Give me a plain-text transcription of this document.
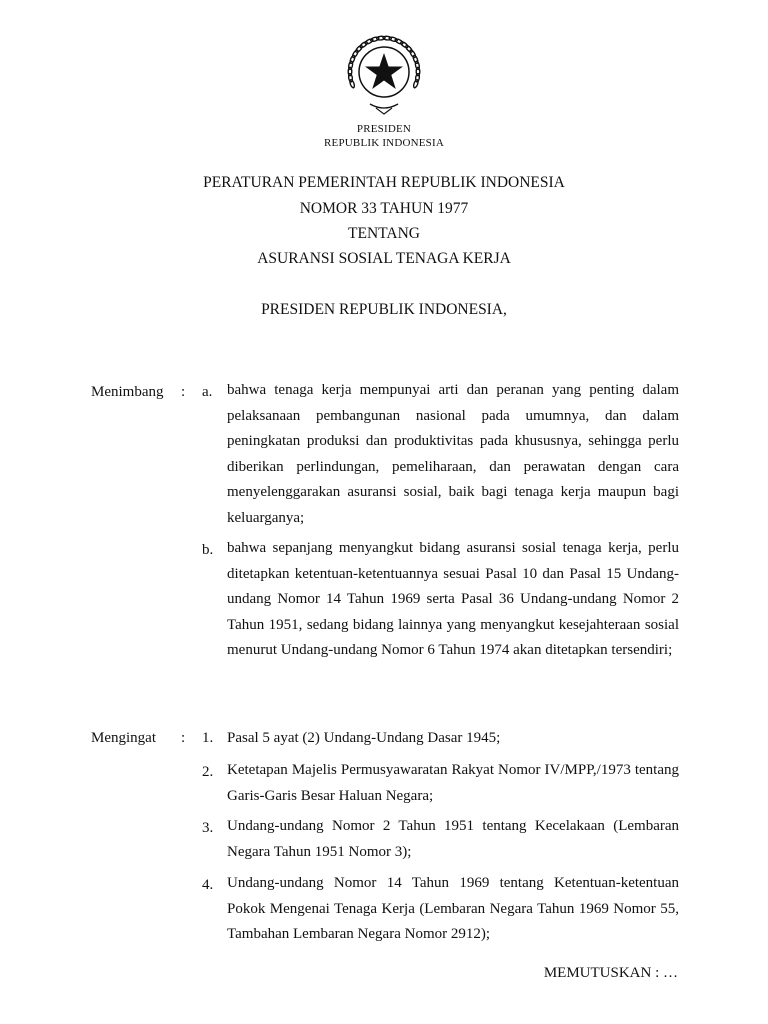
PRESIDEN
REPUBLIK INDONESIA
PERATURAN PEMERINTAH REPUBLIK INDONESIA
NOMOR 33 TAHUN 1977
TENTANG
ASURANSI SOSIAL TENAGA KERJA
PRESIDEN REPUBLIK INDONESIA,
Menimbang : a. bahwa tenaga kerja mempunyai arti dan peranan yang penting dalam pelaksanaan pembangunan nasional pada umumnya, dan dalam peningkatan produksi dan produktivitas pada khususnya, sehingga perlu diberikan perlindungan, pemeliharaan, dan perawatan dengan cara menyelenggarakan asuransi sosial, baik bagi tenaga kerja maupun bagi keluarganya;
b. bahwa sepanjang menyangkut bidang asuransi sosial tenaga kerja, perlu ditetapkan ketentuan-ketentuannya sesuai Pasal 10 dan Pasal 15 Undang-undang Nomor 14 Tahun 1969 serta Pasal 36 Undang-undang Nomor 2 Tahun 1951, sedang bidang lainnya yang menyangkut kesejahteraan sosial menurut Undang-undang Nomor 6 Tahun 1974 akan ditetapkan tersendiri;
Mengingat : 1. Pasal 5 ayat (2) Undang-Undang Dasar 1945;
2. Ketetapan Majelis Permusyawaratan Rakyat Nomor IV/MPP,/1973 tentang Garis-Garis Besar Haluan Negara;
3. Undang-undang Nomor 2 Tahun 1951 tentang Kecelakaan (Lembaran Negara Tahun 1951 Nomor 3);
4. Undang-undang Nomor 14 Tahun 1969 tentang Ketentuan-ketentuan Pokok Mengenai Tenaga Kerja (Lembaran Negara Tahun 1969 Nomor 55, Tambahan Lembaran Negara Nomor 2912);
MEMUTUSKAN : …
